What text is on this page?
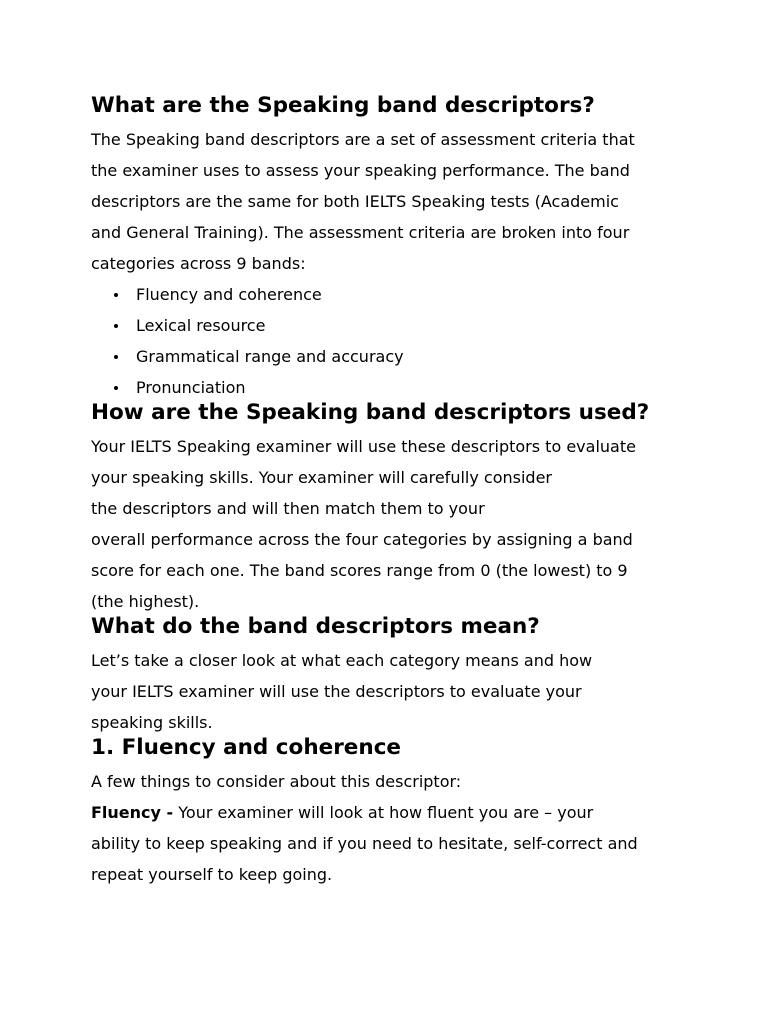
What are the Speaking band descriptors?

The Speaking band descriptors are a set of assessment criteria that
the examiner uses to assess your speaking performance. The band
descriptors are the same for both IELTS Speaking tests (Academic
and General Training). The assessment criteria are broken into four
categories across 9 bands:

Fluency and coherence
Lexical resource
Grammatical range and accuracy
Pronunciation
How are the Speaking band descriptors used?

Your IELTS Speaking examiner will use these descriptors to evaluate
your speaking skills. Your examiner will carefully consider
the descriptors and will then match them to your
overall performance across the four categories by assigning a band
score for each one. The band scores range from 0 (the lowest) to 9
(the highest).

What do the band descriptors mean?

Let’s take a closer look at what each category means and how
your IELTS examiner will use the descriptors to evaluate your
speaking skills.

1. Fluency and coherence

A few things to consider about this descriptor:
Fluency - Your examiner will look at how fluent you are – your
ability to keep speaking and if you need to hesitate, self-correct and
repeat yourself to keep going.
